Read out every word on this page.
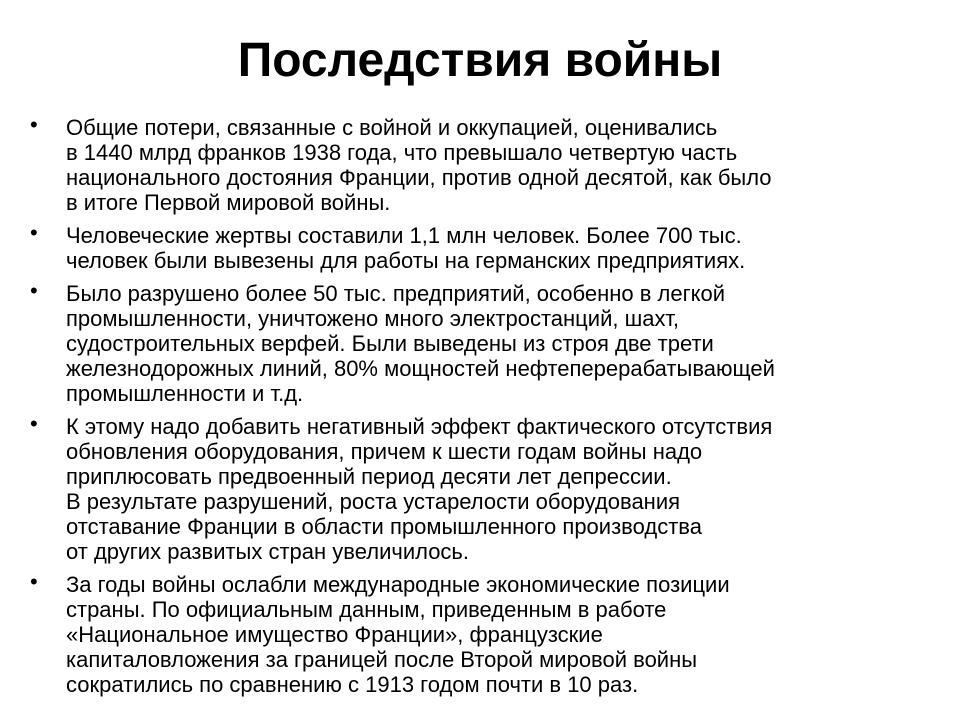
Последствия войны
•	Общие потери, связанные с войной и оккупацией, оценивались
в 1440 млрд франков 1938 года, что превышало четвертую часть
национального достояния Франции, против одной десятой, как было
в итоге Первой мировой войны.
•	Человеческие жертвы составили 1,1 млн человек. Более 700 тыс.
человек были вывезены для работы на германских предприятиях.
•	Было разрушено более 50 тыс. предприятий, особенно в легкой
промышленности, уничтожено много электростанций, шахт,
судостроительных верфей. Были выведены из строя две трети
железнодорожных линий, 80% мощностей нефтеперерабатывающей
промышленности и т.д.
•	К этому надо добавить негативный эффект фактического отсутствия
обновления оборудования, причем к шести годам войны надо
приплюсовать предвоенный период десяти лет депрессии.
В результате разрушений, роста устарелости оборудования
отставание Франции в области промышленного производства
от других развитых стран увеличилось.
•	За годы войны ослабли международные экономические позиции
страны. По официальным данным, приведенным в работе
«Национальное имущество Франции», французские
капиталовложения за границей после Второй мировой войны
сократились по сравнению с 1913 годом почти в 10 раз.
